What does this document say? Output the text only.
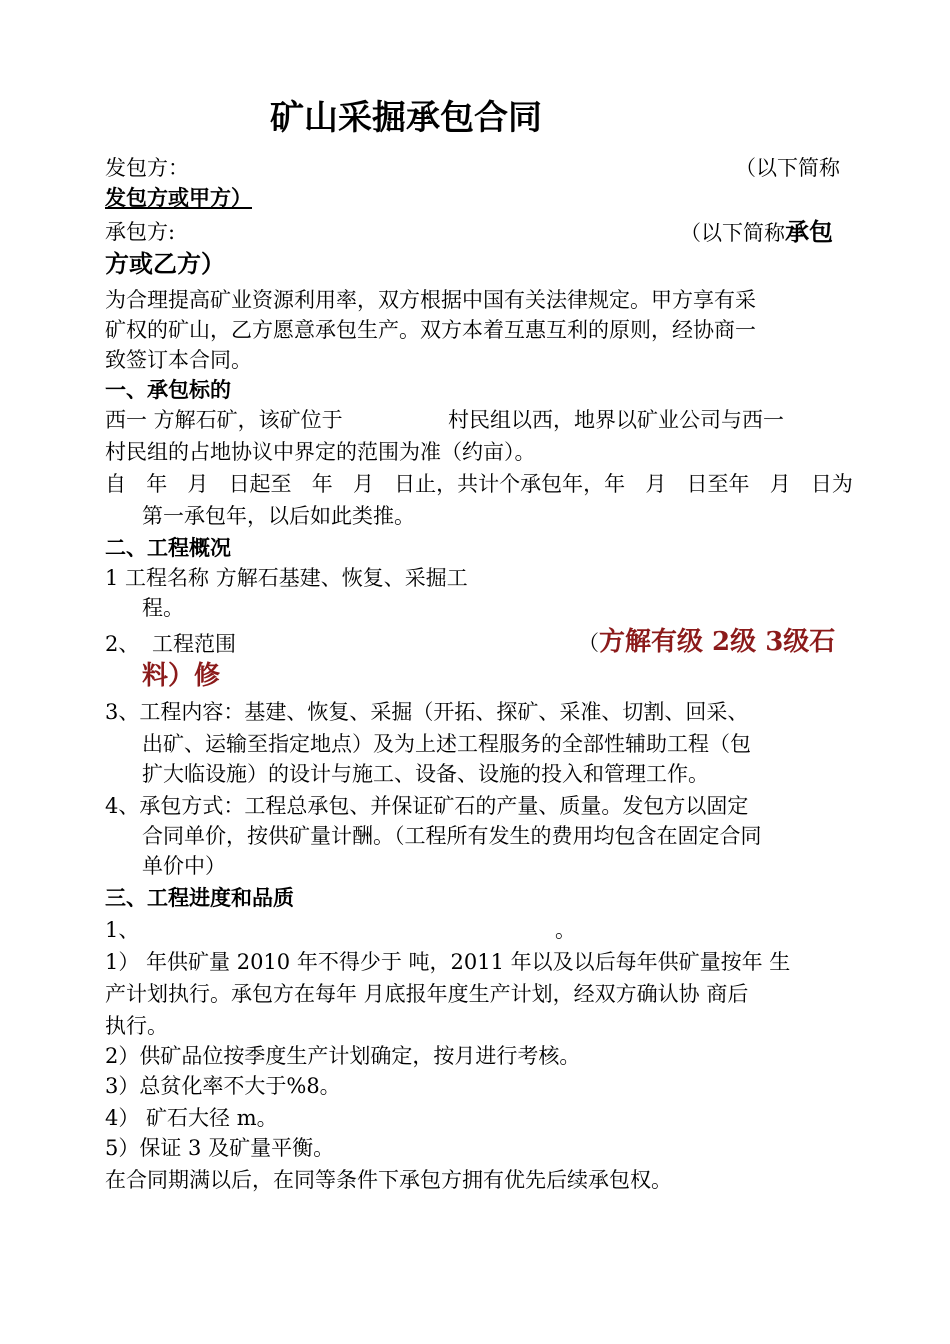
矿山采掘承包合同
发包方：	（以下简称
发包方或甲方）
承包方:	（以下简称承包
方或乙方）
为合理提高矿业资源利用率，双方根据中国有关法律规定。甲方享有采
矿权的矿山，乙方愿意承包生产。双方本着互惠互利的原则，经协商一
致签订本合同。
一、承包标的
西一 方解石矿，该矿位于	村民组以西，地界以矿业公司与西一
村民组的占地协议中界定的范围为准（约亩）。
自 年 月 日起至 年 月 日止，共计个承包年，年 月 日至年 月 日为
第一承包年，以后如此类推。
二、工程概况
1 工程名称 方解石基建、恢复、采掘工
程。
2、 工程范围	（方解有级 2级 3级石
料）修
3、工程内容：基建、恢复、采掘（开拓、探矿、采准、切割、回采、
出矿、运输至指定地点）及为上述工程服务的全部性辅助工程（包
扩大临设施）的设计与施工、设备、设施的投入和管理工作。
4、承包方式：工程总承包、并保证矿石的产量、质量。发包方以固定
合同单价，按供矿量计酬。（工程所有发生的费用均包含在固定合同
单价中）
三、工程进度和品质
1、	。
1） 年供矿量 2010 年不得少于 吨，2011 年以及以后每年供矿量按年 生
产计划执行。承包方在每年 月底报年度生产计划，经双方确认协 商后
执行。
2）供矿品位按季度生产计划确定，按月进行考核。
3）总贫化率不大于%8。
4） 矿石大径 m。
5）保证 3 及矿量平衡。
在合同期满以后，在同等条件下承包方拥有优先后续承包权。
